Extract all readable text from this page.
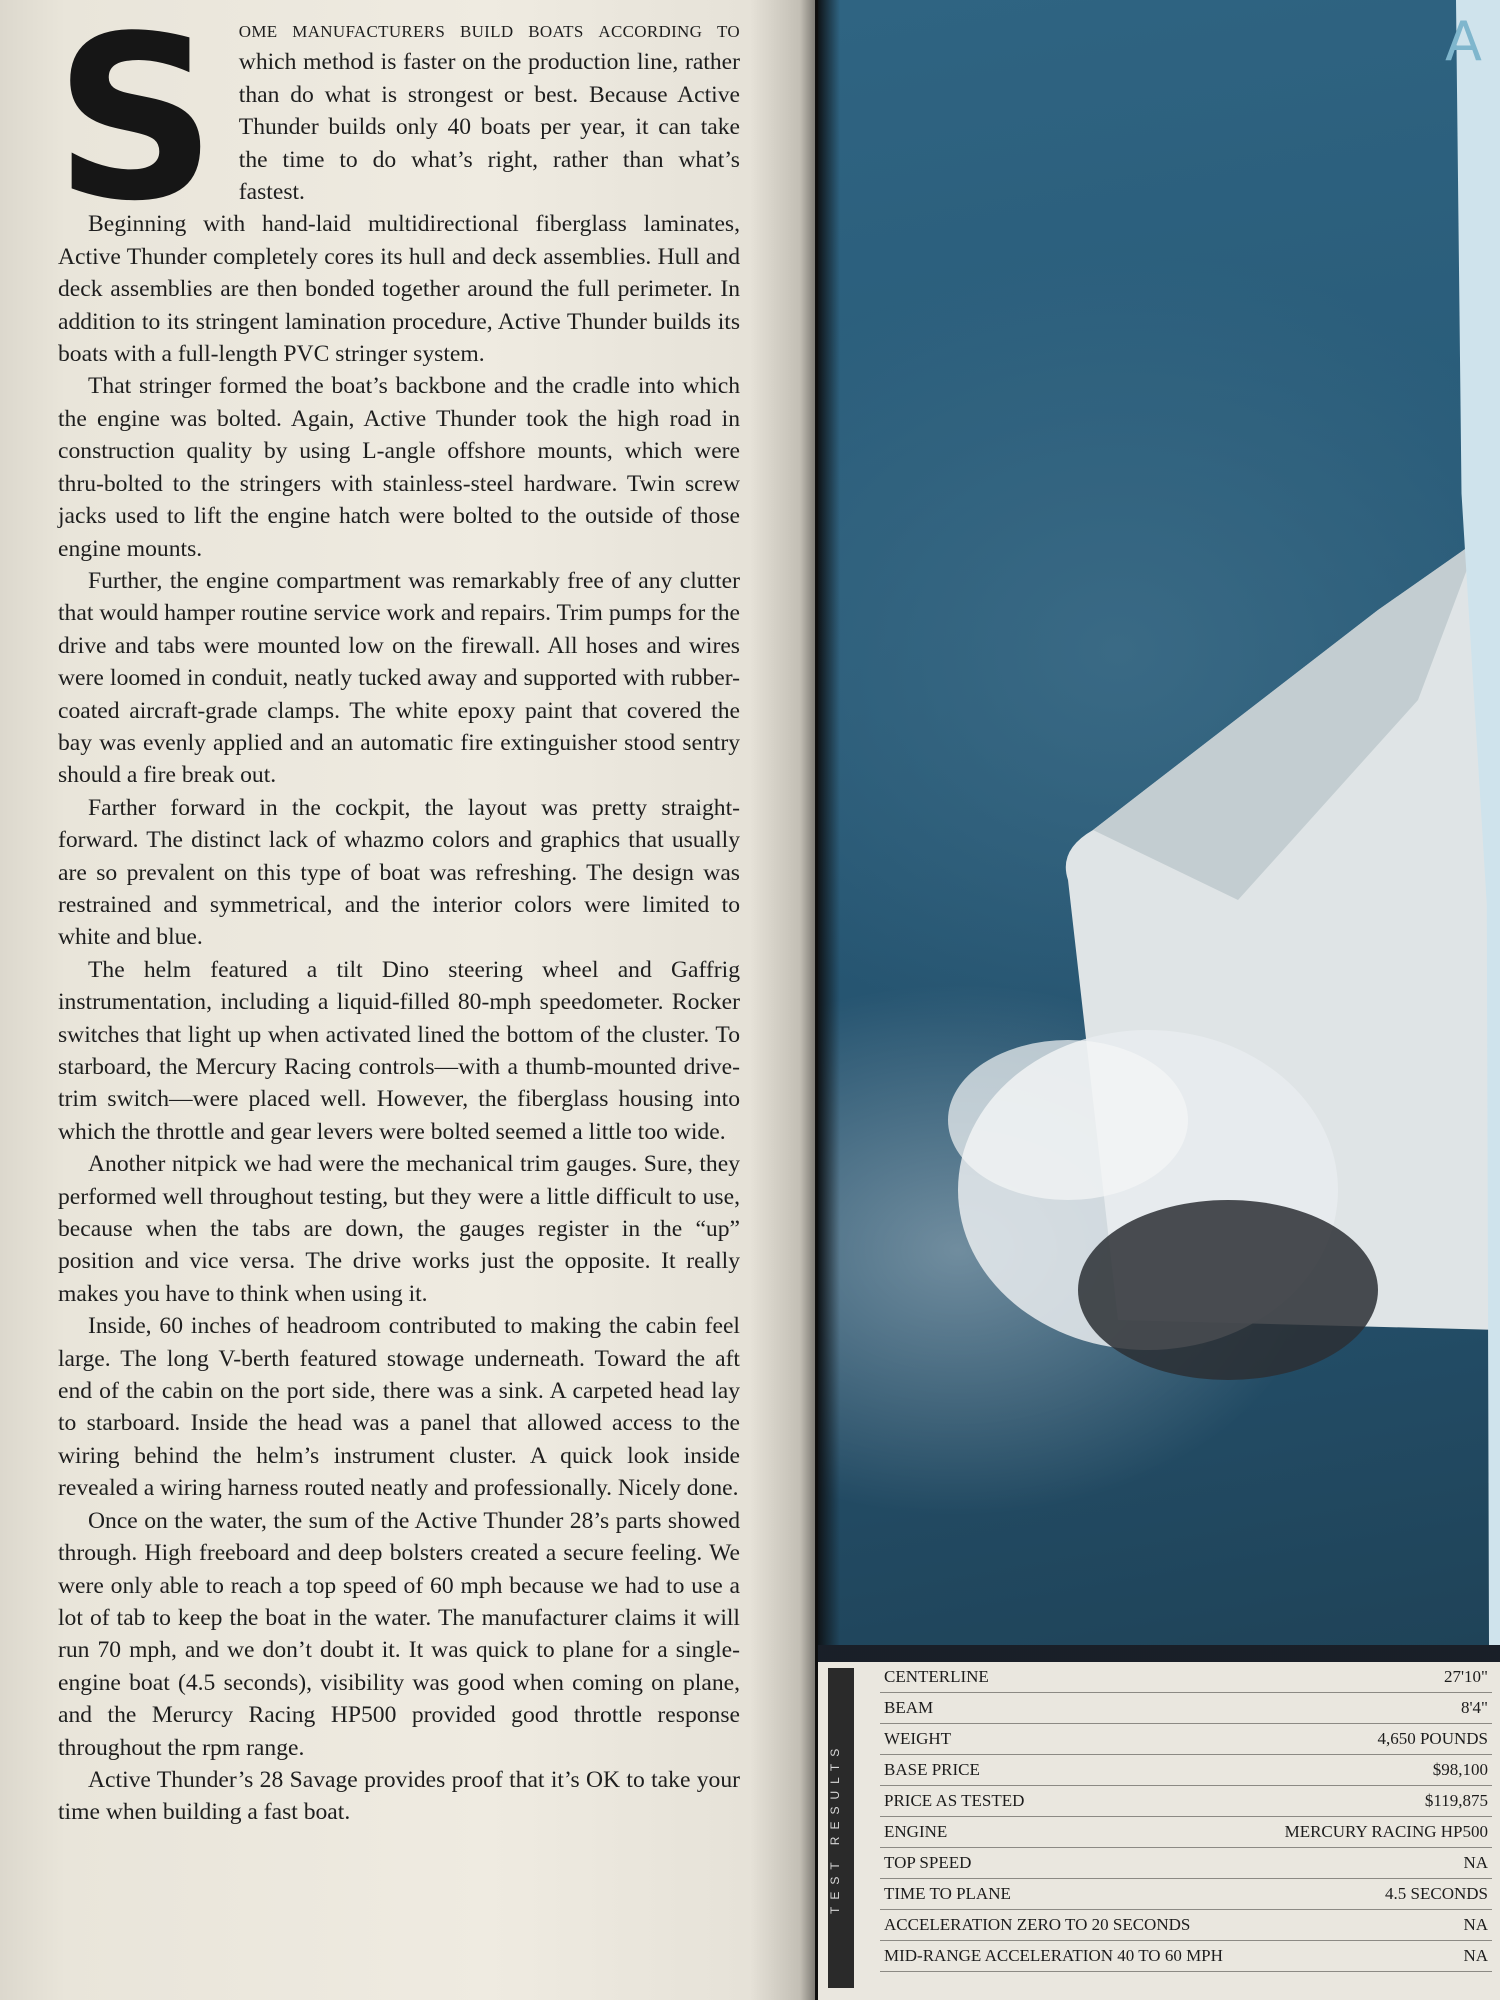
Some manufacturers build boats according to which method is faster on the production line, rather than do what is strongest or best. Because Active Thunder builds only 40 boats per year, it can take the time to do what’s right, rather than what’s fastest.

Beginning with hand-laid multidirectional fiberglass laminates, Active Thunder completely cores its hull and deck assemblies. Hull and deck assemblies are then bonded together around the full perimeter. In addition to its stringent lamination procedure, Active Thunder builds its boats with a full-length PVC stringer system.

That stringer formed the boat’s backbone and the cradle into which the engine was bolted. Again, Active Thunder took the high road in construction quality by using L-angle offshore mounts, which were thru-bolted to the stringers with stainless-steel hardware. Twin screw jacks used to lift the engine hatch were bolted to the outside of those engine mounts.

Further, the engine compartment was remarkably free of any clutter that would hamper routine service work and repairs. Trim pumps for the drive and tabs were mounted low on the firewall. All hoses and wires were loomed in conduit, neatly tucked away and supported with rubber-coated aircraft-grade clamps. The white epoxy paint that covered the bay was evenly applied and an automatic fire extinguisher stood sentry should a fire break out.

Farther forward in the cockpit, the layout was pretty straight-forward. The distinct lack of whazmo colors and graphics that usually are so prevalent on this type of boat was refreshing. The design was restrained and symmetrical, and the interior colors were limited to white and blue.

The helm featured a tilt Dino steering wheel and Gaffrig instrumentation, including a liquid-filled 80-mph speedometer. Rocker switches that light up when activated lined the bottom of the cluster. To starboard, the Mercury Racing controls—with a thumb-mounted drive-trim switch—were placed well. However, the fiberglass housing into which the throttle and gear levers were bolted seemed a little too wide.

Another nitpick we had were the mechanical trim gauges. Sure, they performed well throughout testing, but they were a little difficult to use, because when the tabs are down, the gauges register in the “up” position and vice versa. The drive works just the opposite. It really makes you have to think when using it.

Inside, 60 inches of headroom contributed to making the cabin feel large. The long V-berth featured stowage underneath. Toward the aft end of the cabin on the port side, there was a sink. A carpeted head lay to starboard. Inside the head was a panel that allowed access to the wiring behind the helm’s instrument cluster. A quick look inside revealed a wiring harness routed neatly and professionally. Nicely done.

Once on the water, the sum of the Active Thunder 28’s parts showed through. High freeboard and deep bolsters created a secure feeling. We were only able to reach a top speed of 60 mph because we had to use a lot of tab to keep the boat in the water. The manufacturer claims it will run 70 mph, and we don’t doubt it. It was quick to plane for a single-engine boat (4.5 seconds), visibility was good when coming on plane, and the Merurcy Racing HP500 provided good throttle response throughout the rpm range.

Active Thunder’s 28 Savage provides proof that it’s OK to take your time when building a fast boat.

A
TEST RESULTS
CENTERLINE	27'10"
BEAM	8'4"
WEIGHT	4,650 POUNDS
BASE PRICE	$98,100
PRICE AS TESTED	$119,875
ENGINE	MERCURY RACING HP500
TOP SPEED	NA
TIME TO PLANE	4.5 SECONDS
ACCELERATION ZERO TO 20 SECONDS	NA
MID-RANGE ACCELERATION 40 TO 60 MPH	NA
